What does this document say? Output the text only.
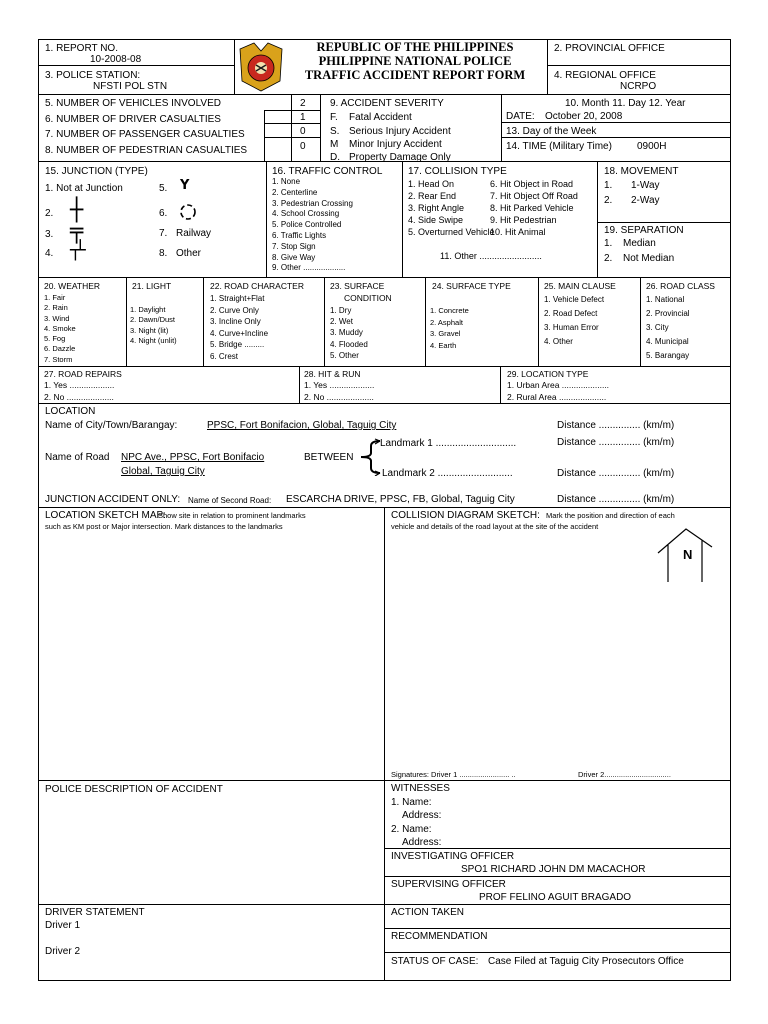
1. REPORT NO.
10-2008-08
3. POLICE STATION:
NFSTI POL STN
REPUBLIC OF THE PHILIPPINES
PHILIPPINE NATIONAL POLICE
TRAFFIC ACCIDENT REPORT FORM
2. PROVINCIAL OFFICE
4. REGIONAL OFFICE
NCRPO
5. NUMBER OF VEHICLES INVOLVED	2
6. NUMBER OF DRIVER CASUALTIES	1
7. NUMBER OF PASSENGER CASUALTIES	0
8. NUMBER OF PEDESTRIAN CASUALTIES	0
9. ACCIDENT SEVERITY
F. Fatal Accident
S. Serious Injury Accident
M Minor Injury Accident
D. Property Damage Only
10. Month 11. Day 12. Year
DATE: October 20, 2008
13. Day of the Week
14. TIME (Military Time)	0900H
15. JUNCTION (TYPE)
1. Not at Junction	5. Y
2. ┼	6.
3. ╤	7. Railway
4. ┬┴	8. Other
16. TRAFFIC CONTROL
1. None
2. Centerline
3. Pedestrian Crossing
4. School Crossing
5. Police Controlled
6. Traffic Lights
7. Stop Sign
8. Give Way
9. Other ...................
17. COLLISION TYPE
1. Head On
2. Rear End
3. Right Angle
4. Side Swipe
5. Overturned Vehicle
6. Hit Object in Road
7. Hit Object Off Road
8. Hit Parked Vehicle
9. Hit Pedestrian
10. Hit Animal
11. Other .........................
18. MOVEMENT
1. 1-Way
2. 2-Way
19. SEPARATION
1. Median
2. Not Median
20. WEATHER
1. Fair
2. Rain
3. Wind
4. Smoke
5. Fog
6. Dazzle
7. Storm
21. LIGHT
1. Daylight
2. Dawn/Dust
3. Night (lit)
4. Night (unlit)
22. ROAD CHARACTER
1. Straight+Flat
2. Curve Only
3. Incline Only
4. Curve+Incline
5. Bridge .........
6. Crest
23. SURFACE
CONDITION
1. Dry
2. Wet
3. Muddy
4. Flooded
5. Other
24. SURFACE TYPE
1. Concrete
2. Asphalt
3. Gravel
4. Earth
25. MAIN CLAUSE
1. Vehicle Defect
2. Road Defect
3. Human Error
4. Other
26. ROAD CLASS
1. National
2. Provincial
3. City
4. Municipal
5. Barangay
27. ROAD REPAIRS
1. Yes ...................
2. No ....................
28. HIT & RUN
1. Yes ...................
2. No ....................
29. LOCATION TYPE
1. Urban Area ....................
2. Rural Area ....................
LOCATION
Name of City/Town/Barangay:	PPSC, Fort Bonifacion, Global, Taguig City	Distance ............... (km/m)
Landmark 1 .............................	Distance ............... (km/m)
Name of Road NPC Ave., PPSC, Fort Bonifacio	BETWEEN
Global, Taguig City	Landmark 2 ...........................	Distance ............... (km/m)
JUNCTION ACCIDENT ONLY: Name of Second Road: ESCARCHA DRIVE, PPSC, FB, Global, Taguig City	Distance ............... (km/m)
LOCATION SKETCH MAP:
Show site in relation to prominent landmarks
such as KM post or Major intersection. Mark distances to the landmarks
COLLISION DIAGRAM SKETCH: Mark the position and direction of each
vehicle and details of the road layout at the site of the accident
N
Signatures: Driver 1 ........................ ..	Driver 2................................
POLICE DESCRIPTION OF ACCIDENT	WITNESSES
1. Name:
Address:
2. Name:
Address:
INVESTIGATING OFFICER
SPO1 RICHARD JOHN DM MACACHOR
SUPERVISING OFFICER
PROF FELINO AGUIT BRAGADO
DRIVER STATEMENT
Driver 1
Driver 2
ACTION TAKEN
RECOMMENDATION
STATUS OF CASE: Case Filed at Taguig City Prosecutors Office
